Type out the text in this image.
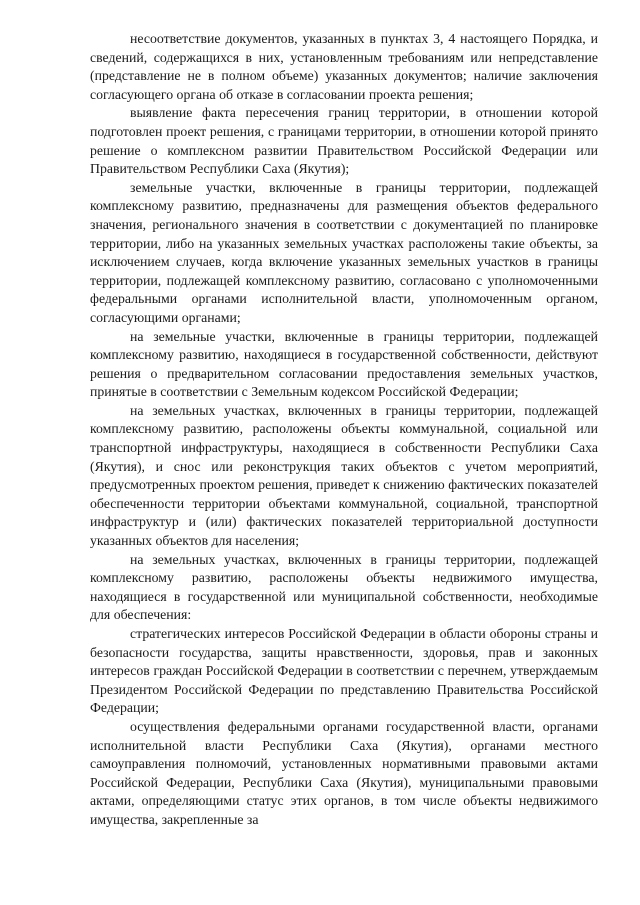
несоответствие документов, указанных в пунктах 3, 4 настоящего Порядка, и сведений, содержащихся в них, установленным требованиям или непредставление (представление не в полном объеме) указанных документов; наличие заключения согласующего органа об отказе в согласовании проекта решения;

выявление факта пересечения границ территории, в отношении которой подготовлен проект решения, с границами территории, в отношении которой принято решение о комплексном развитии Правительством Российской Федерации или Правительством Республики Саха (Якутия);

земельные участки, включенные в границы территории, подлежащей комплексному развитию, предназначены для размещения объектов федерального значения, регионального значения в соответствии с документацией по планировке территории, либо на указанных земельных участках расположены такие объекты, за исключением случаев, когда включение указанных земельных участков в границы территории, подлежащей комплексному развитию, согласовано с уполномоченными федеральными органами исполнительной власти, уполномоченным органом, согласующими органами;

на земельные участки, включенные в границы территории, подлежащей комплексному развитию, находящиеся в государственной собственности, действуют решения о предварительном согласовании предоставления земельных участков, принятые в соответствии с Земельным кодексом Российской Федерации;

на земельных участках, включенных в границы территории, подлежащей комплексному развитию, расположены объекты коммунальной, социальной или транспортной инфраструктуры, находящиеся в собственности Республики Саха (Якутия), и снос или реконструкция таких объектов с учетом мероприятий, предусмотренных проектом решения, приведет к снижению фактических показателей обеспеченности территории объектами коммунальной, социальной, транспортной инфраструктур и (или) фактических показателей территориальной доступности указанных объектов для населения;

на земельных участках, включенных в границы территории, подлежащей комплексному развитию, расположены объекты недвижимого имущества, находящиеся в государственной или муниципальной собственности, необходимые для обеспечения:

стратегических интересов Российской Федерации в области обороны страны и безопасности государства, защиты нравственности, здоровья, прав и законных интересов граждан Российской Федерации в соответствии с перечнем, утверждаемым Президентом Российской Федерации по представлению Правительства Российской Федерации;

осуществления федеральными органами государственной власти, органами исполнительной власти Республики Саха (Якутия), органами местного самоуправления полномочий, установленных нормативными правовыми актами Российской Федерации, Республики Саха (Якутия), муниципальными правовыми актами, определяющими статус этих органов, в том числе объекты недвижимого имущества, закрепленные за
